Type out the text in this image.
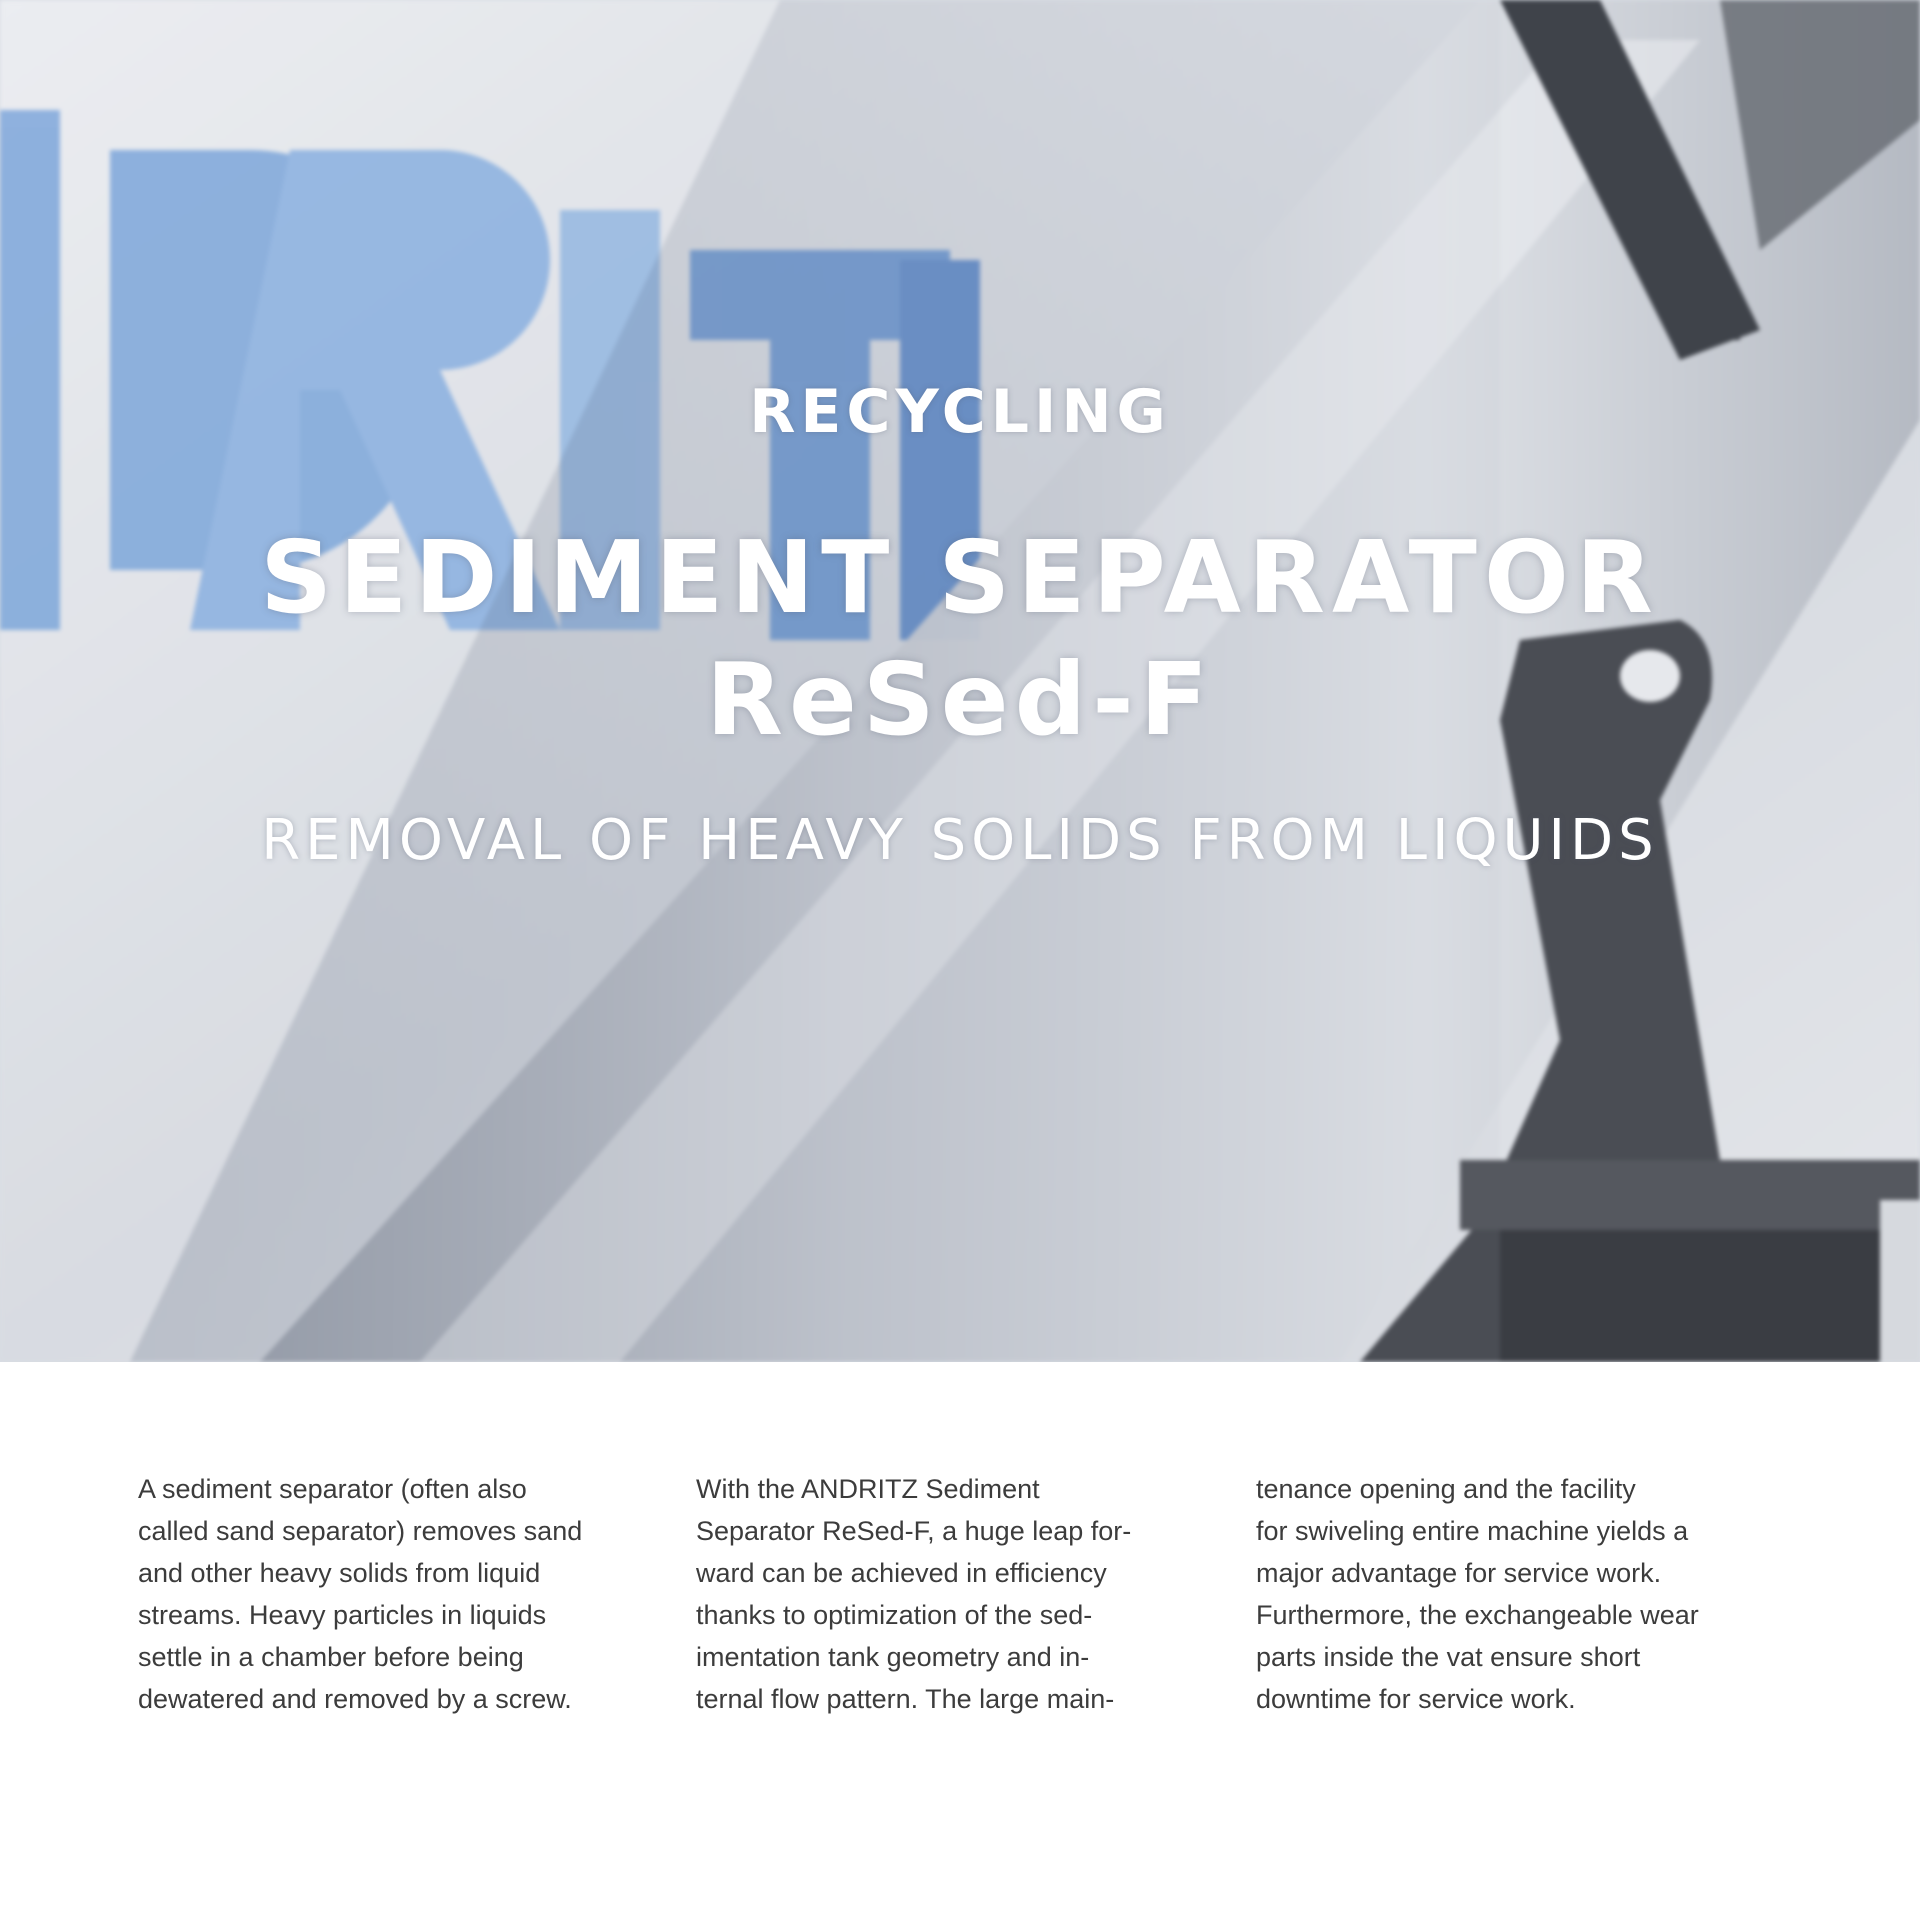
RECYCLING
SEDIMENT SEPARATOR
ReSed-F
REMOVAL OF HEAVY SOLIDS FROM LIQUIDS
A sediment separator (often also
called sand separator) removes sand
and other heavy solids from liquid
streams. Heavy particles in liquids
settle in a chamber before being
dewatered and removed by a screw.
With the ANDRITZ Sediment
Separator ReSed-F, a huge leap for-
ward can be achieved in efficiency
thanks to optimization of the sed-
imentation tank geometry and in-
ternal flow pattern. The large main-
tenance opening and the facility
for swiveling entire machine yields a
major advantage for service work.
Furthermore, the exchangeable wear
parts inside the vat ensure short
downtime for service work.
